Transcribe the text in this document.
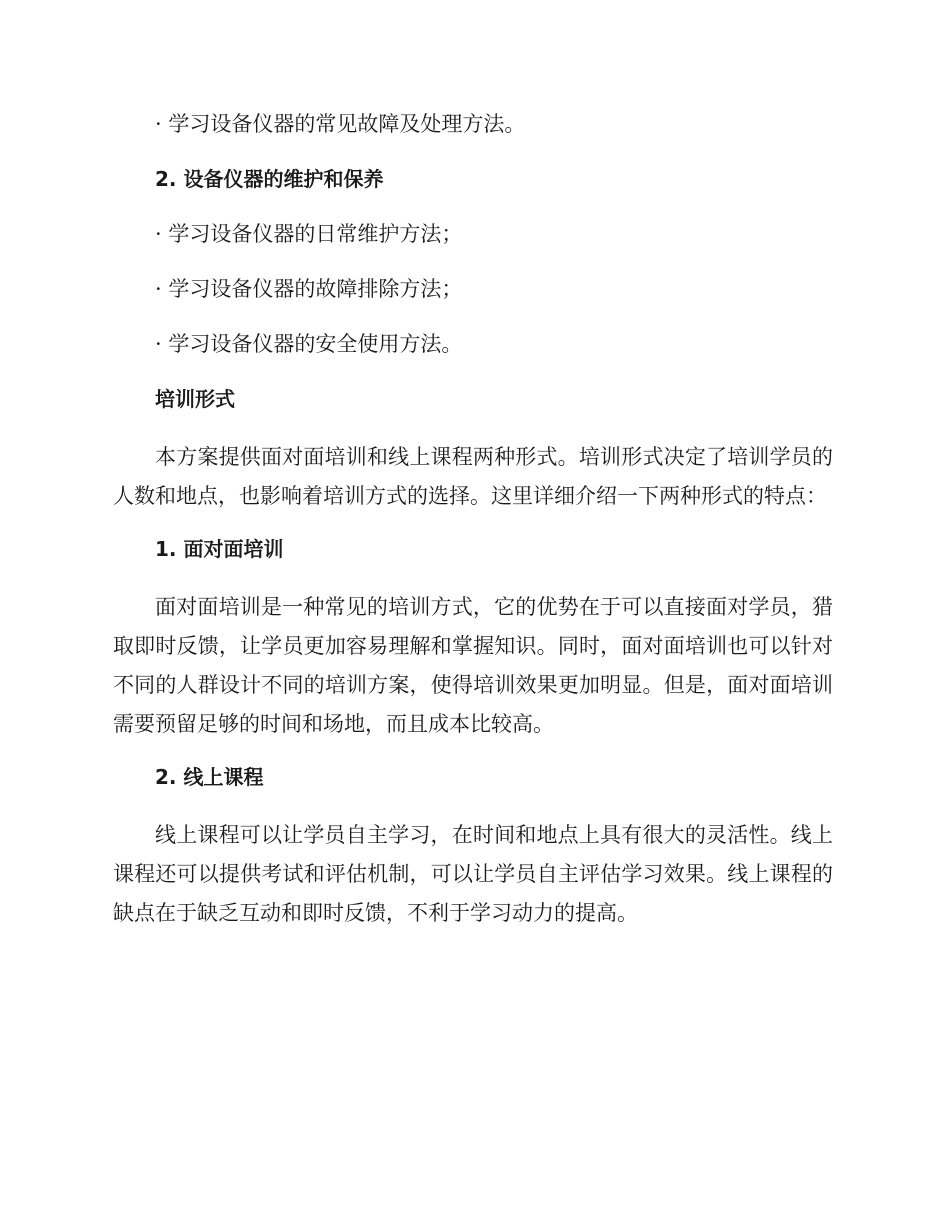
· 学习设备仪器的常见故障及处理方法。
2. 设备仪器的维护和保养
· 学习设备仪器的日常维护方法；
· 学习设备仪器的故障排除方法；
· 学习设备仪器的安全使用方法。
培训形式

本方案提供面对面培训和线上课程两种形式。培训形式决定了培训学员的人数和地点，也影响着培训方式的选择。这里详细介绍一下两种形式的特点：

1. 面对面培训

面对面培训是一种常见的培训方式，它的优势在于可以直接面对学员，猎取即时反馈，让学员更加容易理解和掌握知识。同时，面对面培训也可以针对不同的人群设计不同的培训方案，使得培训效果更加明显。但是，面对面培训需要预留足够的时间和场地，而且成本比较高。

2. 线上课程

线上课程可以让学员自主学习，在时间和地点上具有很大的灵活性。线上课程还可以提供考试和评估机制，可以让学员自主评估学习效果。线上课程的缺点在于缺乏互动和即时反馈，不利于学习动力的提高。
